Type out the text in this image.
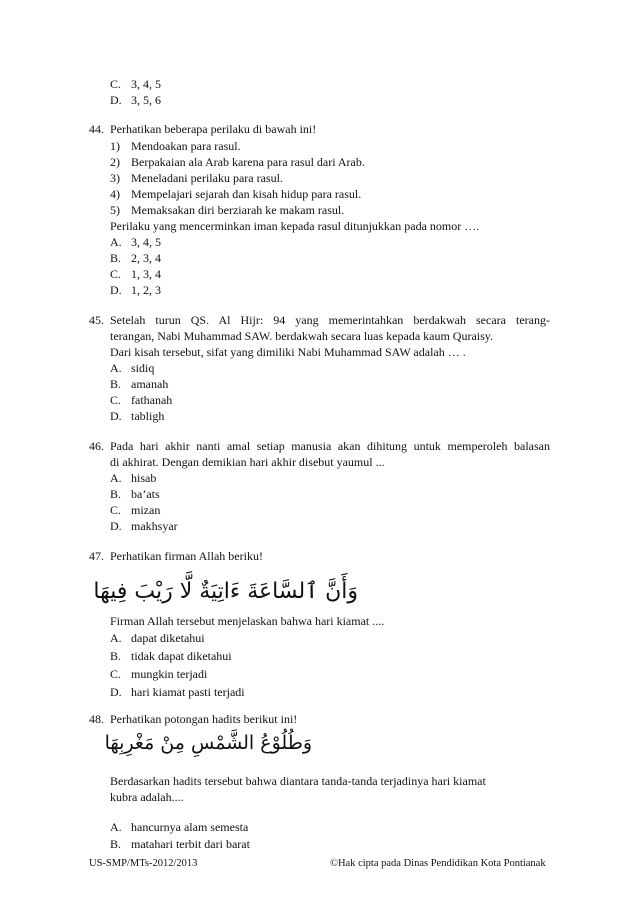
C. 3, 4, 5
D. 3, 5, 6
44. Perhatikan beberapa perilaku di bawah ini!
1) Mendoakan para rasul.
2) Berpakaian ala Arab karena para rasul dari Arab.
3) Meneladani perilaku para rasul.
4) Mempelajari sejarah dan kisah hidup para rasul.
5) Memaksakan diri berziarah ke makam rasul.
Perilaku yang mencerminkan iman kepada rasul ditunjukkan pada nomor ….
A. 3, 4, 5
B. 2, 3, 4
C. 1, 3, 4
D. 1, 2, 3
45. Setelah turun QS. Al Hijr: 94 yang memerintahkan berdakwah secara terang-
terangan, Nabi Muhammad SAW. berdakwah secara luas kepada kaum Quraisy.
Dari kisah tersebut, sifat yang dimiliki Nabi Muhammad SAW adalah … .
A. sidiq
B. amanah
C. fathanah
D. tabligh
46. Pada hari akhir nanti amal setiap manusia akan dihitung untuk memperoleh balasan
di akhirat. Dengan demikian hari akhir disebut yaumul ...
A. hisab
B. ba’ats
C. mizan
D. makhsyar
47. Perhatikan firman Allah beriku!
وَأَنَّ ٱلسَّاعَةَ ءَاتِيَةٌ لَّا رَيْبَ فِيهَا
Firman Allah tersebut menjelaskan bahwa hari kiamat ....
A. dapat diketahui
B. tidak dapat diketahui
C. mungkin terjadi
D. hari kiamat pasti terjadi
48. Perhatikan potongan hadits berikut ini!
وَطُلُوْعُ الشَّمْسِ مِنْ مَغْرِبِهَا
Berdasarkan hadits tersebut bahwa diantara tanda-tanda terjadinya hari kiamat
kubra adalah....
A. hancurnya alam semesta
B. matahari terbit dari barat
US-SMP/MTs-2012/2013	©Hak cipta pada Dinas Pendidikan Kota Pontianak
